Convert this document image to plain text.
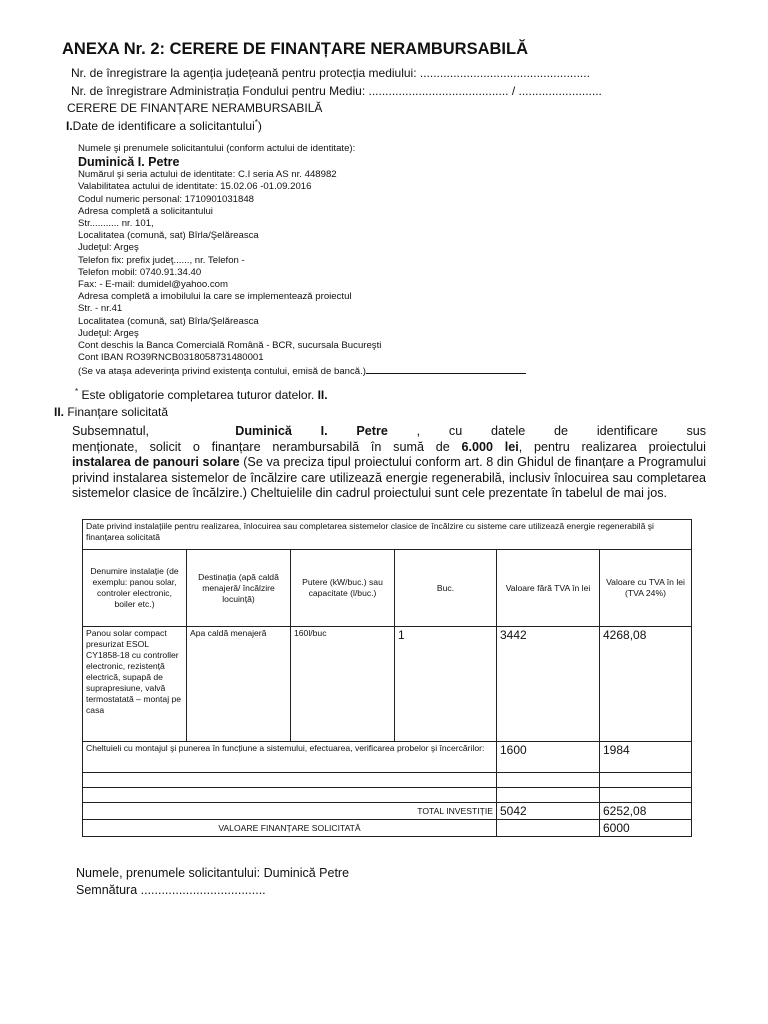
ANEXA Nr. 2: CERERE DE FINANȚARE NERAMBURSABILĂ
Nr. de înregistrare la agenția județeană pentru protecția mediului: ...................................................
Nr. de înregistrare Administrația Fondului pentru Mediu: .......................................... / .........................
CERERE DE FINANȚARE NERAMBURSABILĂ
I.Date de identificare a solicitantului*)
Numele şi prenumele solicitantului (conform actului de identitate):
Duminică I. Petre
Numărul şi seria actului de identitate: C.I seria AS nr. 448982
Valabilitatea actului de identitate: 15.02.06 -01.09.2016
Codul numeric personal: 1710901031848
Adresa completă a solicitantului
Str........... nr. 101,
Localitatea (comună, sat) Bîrla/Şelăreasca
Judeţul: Argeş
Telefon fix: prefix judeţ......, nr. Telefon -
Telefon mobil: 0740.91.34.40
Fax: - E-mail: dumidel@yahoo.com
Adresa completă a imobilului la care se implementează proiectul
Str. - nr.41
Localitatea (comună, sat) Bîrla/Şelăreasca
Judeţul: Argeş
Cont deschis la Banca Comercială Română - BCR, sucursala Bucureşti
Cont IBAN RO39RNCB0318058731480001
(Se va ataşa adeverinţa privind existenţa contului, emisă de bancă.)
* Este obligatorie completarea tuturor datelor. II.
II. Finanțare solicitată
Subsemnatul,	Duminică I. Petre , cu datele de identificare sus
menționate, solicit o finanțare nerambursabilă în sumă de 6.000 lei, pentru realizarea proiectului
instalarea de panouri solare (Se va preciza tipul proiectului conform art. 8 din Ghidul de finanțare a Programului
privind instalarea sistemelor de încălzire care utilizează energie regenerabilă, inclusiv înlocuirea sau completarea
sistemelor clasice de încălzire.) Cheltuielile din cadrul proiectului sunt cele prezentate în tabelul de mai jos.
Date privind instalațiile pentru realizarea, înlocuirea sau completarea sistemelor clasice de încălzire cu sisteme care utilizează energie regenerabilă şi finanțarea solicitată					
Denumire instalație (de exemplu: panou solar, controler electronic, boiler etc.)	Destinația (apă caldă menajeră/ încălzire locuință)	Putere (kW/buc.) sau capacitate (l/buc.)	Buc.	Valoare fără TVA în lei	Valoare cu TVA în lei (TVA 24%)
Panou solar compact presurizat ESOL CY1858-18 cu controller electronic, rezistență electrică, supapă de suprapresiune, valvă termostatată – montaj pe casa	Apa caldă menajeră	160l/buc	1	3442	4268,08
Cheltuieli cu montajul şi punerea în funcțiune a sistemului, efectuarea, verificarea probelor şi încercărilor:				1600	1984

TOTAL INVESTIȚIE				5042	6252,08
VALOARE FINANȚARE SOLICITATĂ					6000
Numele, prenumele solicitantului: Duminică Petre
Semnătura ....................................
